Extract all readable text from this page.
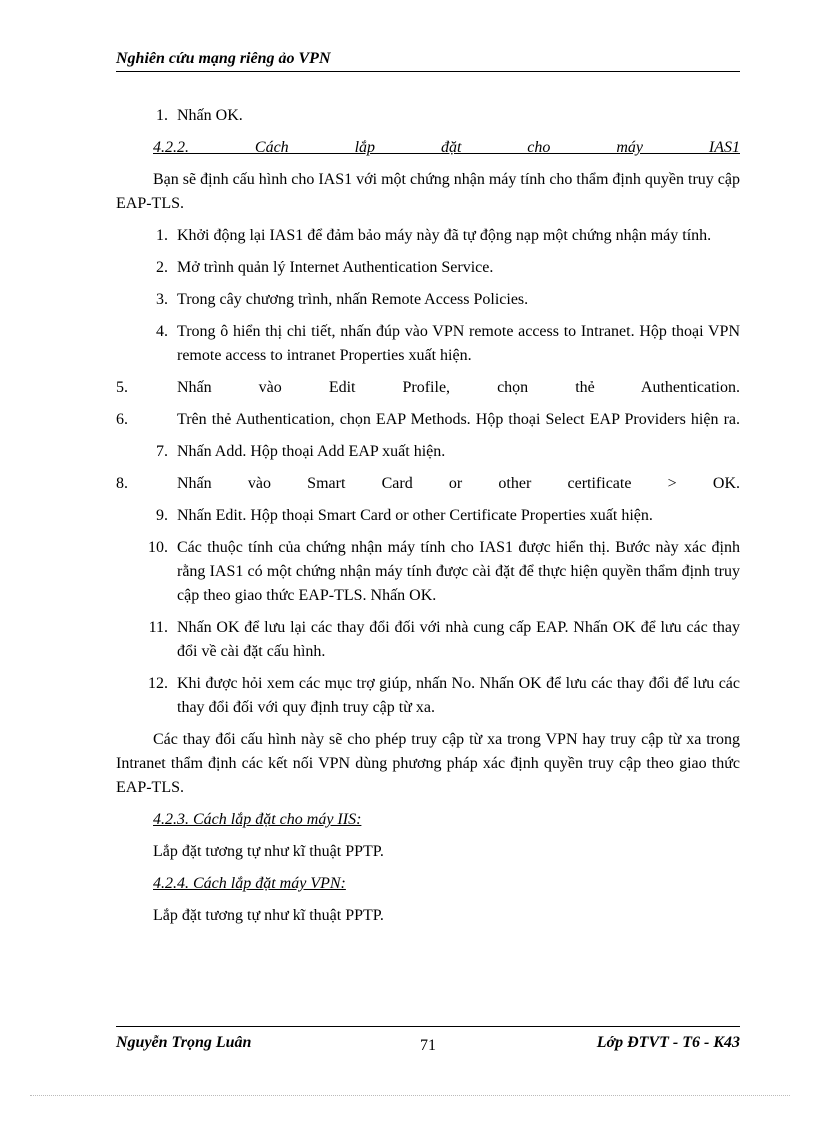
Nghiên cứu mạng riêng ảo VPN
1. Nhấn OK.
4.2.2. Cách lắp đặt cho máy IAS1

Bạn sẽ định cấu hình cho IAS1 với một chứng nhận máy tính cho thẩm định quyền truy cập EAP-TLS.

1. Khởi động lại IAS1 để đảm bảo máy này đã tự động nạp một chứng nhận máy tính.
2. Mở trình quản lý Internet Authentication Service.
3. Trong cây chương trình, nhấn Remote Access Policies.
4. Trong ô hiển thị chi tiết, nhấn đúp vào VPN remote access to Intranet. Hộp thoại VPN remote access to intranet Properties xuất hiện.
5.	Nhấn vào Edit Profile, chọn thẻ Authentication.
6.	Trên thẻ Authentication, chọn EAP Methods. Hộp thoại Select EAP Providers hiện ra.
7. Nhấn Add. Hộp thoại Add EAP xuất hiện.
8.	Nhấn vào Smart Card or other certificate > OK.
9. Nhấn Edit. Hộp thoại Smart Card or other Certificate Properties xuất hiện.
10. Các thuộc tính của chứng nhận máy tính cho IAS1 được hiển thị. Bước này xác định rằng IAS1 có một chứng nhận máy tính được cài đặt để thực hiện quyền thẩm định truy cập theo giao thức EAP-TLS. Nhấn OK.
11. Nhấn OK để lưu lại các thay đổi đối với nhà cung cấp EAP. Nhấn OK để lưu các thay đổi về cài đặt cấu hình.
12. Khi được hỏi xem các mục trợ giúp, nhấn No. Nhấn OK để lưu các thay đổi để lưu các thay đổi đối với quy định truy cập từ xa.

Các thay đổi cấu hình này sẽ cho phép truy cập từ xa trong VPN hay truy cập từ xa trong Intranet thẩm định các kết nối VPN dùng phương pháp xác định quyền truy cập theo giao thức EAP-TLS.

4.2.3. Cách lắp đặt cho máy IIS:
Lắp đặt tương tự như kĩ thuật PPTP.
4.2.4. Cách lắp đặt máy VPN:
Lắp đặt tương tự như kĩ thuật PPTP.
Nguyễn Trọng Luân	71	Lớp ĐTVT - T6 - K43
